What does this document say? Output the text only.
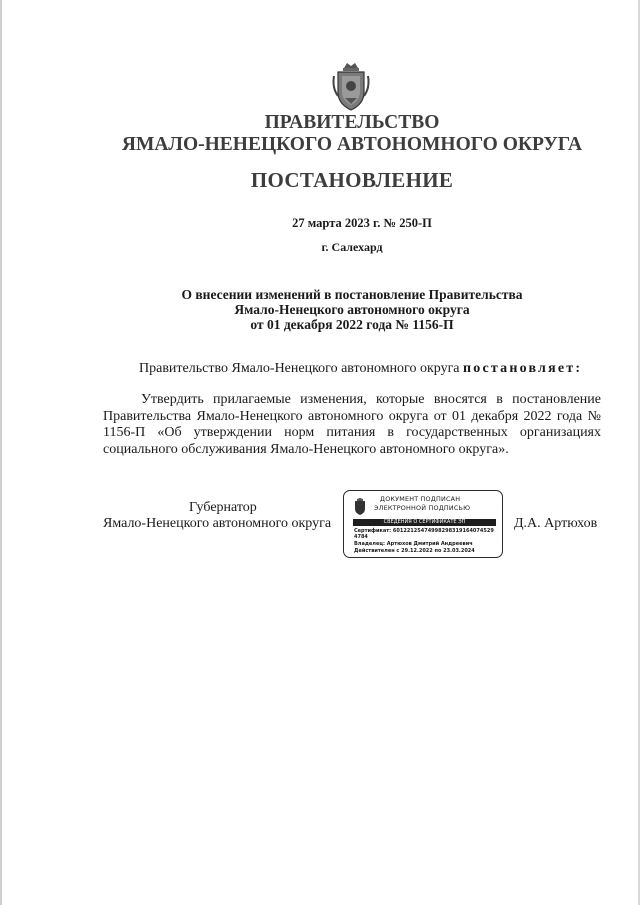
ПРАВИТЕЛЬСТВО
ЯМАЛО-НЕНЕЦКОГО АВТОНОМНОГО ОКРУГА
ПОСТАНОВЛЕНИЕ
27 марта 2023 г. № 250-П
г. Салехард
О внесении изменений в постановление Правительства
Ямало-Ненецкого автономного округа
от 01 декабря 2022 года № 1156-П
Правительство Ямало-Ненецкого автономного округа постановляет:
Утвердить прилагаемые изменения, которые вносятся в постановление Правительства Ямало-Ненецкого автономного округа от 01 декабря 2022 года № 1156-П «Об утверждении норм питания в государственных организациях социального обслуживания Ямало-Ненецкого автономного округа».
Губернатор
Ямало-Ненецкого автономного округа	Д.А. Артюхов
ДОКУМЕНТ ПОДПИСАН
ЭЛЕКТРОННОЙ ПОДПИСЬЮ
СВЕДЕНИЯ О СЕРТИФИКАТЕ ЭП
Сертификат: 60122125474998298319164074529
4784
Владелец: Артюхов Дмитрий Андреевич
Действителен с 29.12.2022 по 23.03.2024
